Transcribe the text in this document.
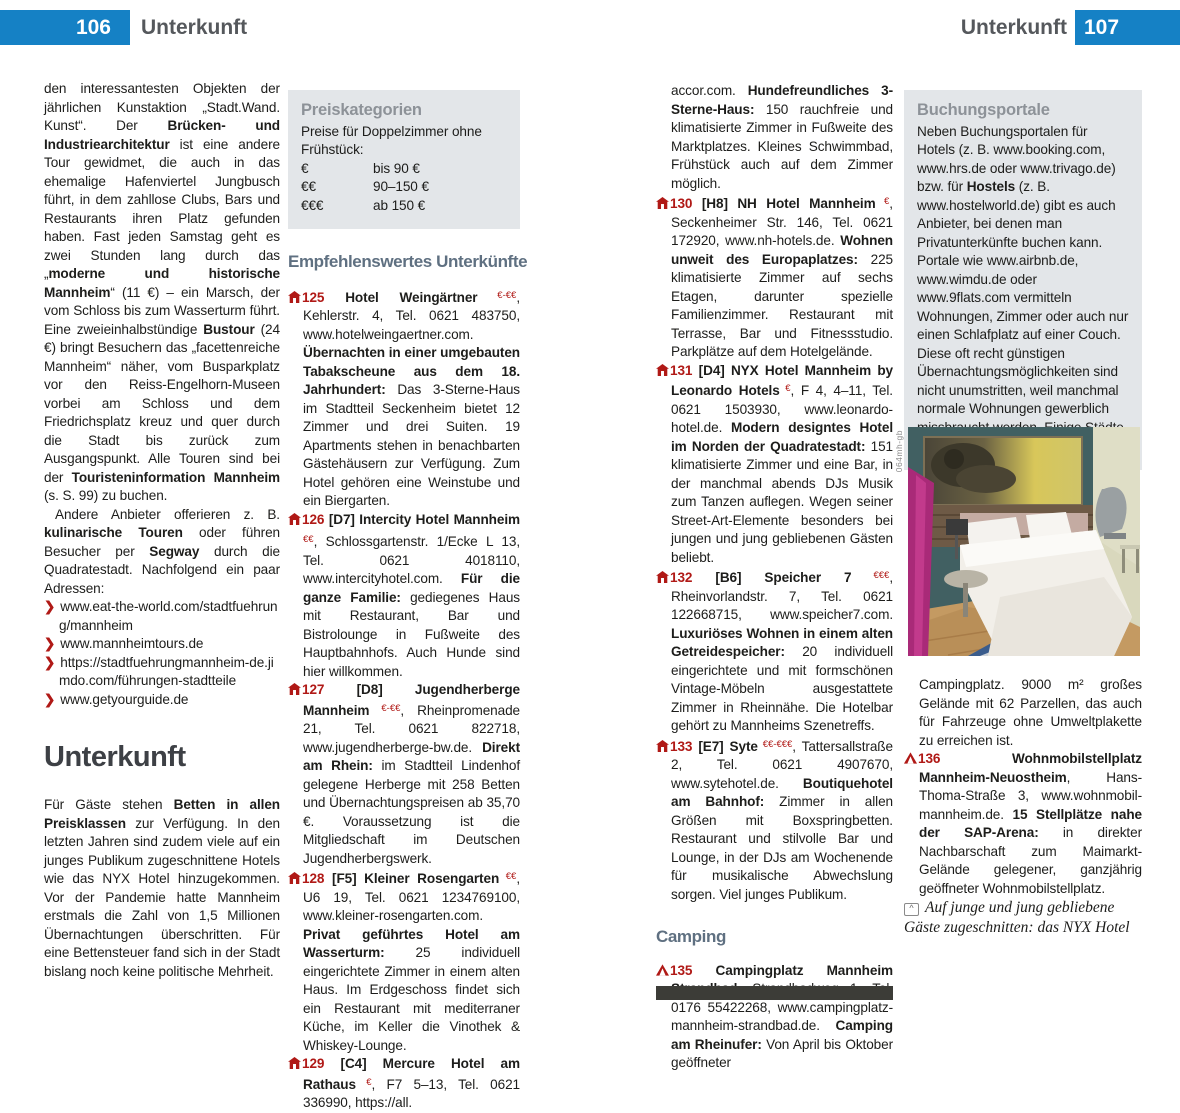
106 Unterkunft	Unterkunft 107

den interessantesten Objekten der jährlichen Kunstaktion „Stadt.Wand. Kunst“. Der Brücken- und Industriearchitektur ist eine andere Tour gewidmet, die auch in das ehemalige Hafenviertel Jungbusch führt, in dem zahllose Clubs, Bars und Restaurants ihren Platz gefunden haben. Fast jeden Samstag geht es zwei Stunden lang durch das „moderne und historische Mannheim“ (11 €) – ein Marsch, der vom Schloss bis zum Wasserturm führt. Eine zweieinhalbstündige Bustour (24 €) bringt Besuchern das „facettenreiche Mannheim“ näher, vom Busparkplatz vor den Reiss-Engelhorn-Museen vorbei am Schloss und dem Friedrichsplatz kreuz und quer durch die Stadt bis zurück zum Ausgangspunkt. Alle Touren sind bei der Touristeninformation Mannheim (s. S. 99) zu buchen.

Andere Anbieter offerieren z. B. kulinarische Touren oder führen Besucher per Segway durch die Quadratestadt. Nachfolgend ein paar Adressen:

❯ www.eat-the-world.com/stadtfuehrung/mannheim
❯ www.mannheimtours.de
❯ https://stadtfuehrungmannheim-de.jimdo.com/führungen-stadtteile
❯ www.getyourguide.de
Unterkunft

Für Gäste stehen Betten in allen Preisklassen zur Verfügung. In den letzten Jahren sind zudem viele auf ein junges Publikum zugeschnittene Hotels wie das NYX Hotel hinzugekommen. Vor der Pandemie hatte Mannheim erstmals die Zahl von 1,5 Millionen Übernachtungen überschritten. Für eine Bettensteuer fand sich in der Stadt bislang noch keine politische Mehrheit.

Preiskategorien
Preise für Doppelzimmer ohne Frühstück:
€	bis 90 €
€€	90–150 €
€€€	ab 150 €
Empfehlenswertes Unterkünfte
125 Hotel Weingärtner €-€€, Kehlerstr. 4, Tel. 0621 483750, www.hotelweingaertner.com. Übernachten in einer umgebauten Tabakscheune aus dem 18. Jahrhundert: Das 3-Sterne-Haus im Stadtteil Seckenheim bietet 12 Zimmer und drei Suiten. 19 Apartments stehen in benachbarten Gästehäusern zur Verfügung. Zum Hotel gehören eine Weinstube und ein Biergarten.
126 [D7] Intercity Hotel Mannheim €€, Schlossgartenstr. 1/Ecke L 13, Tel. 0621 4018110, www.intercityhotel.com. Für die ganze Familie: gediegenes Haus mit Restaurant, Bar und Bistrolounge in Fußweite des Hauptbahnhofs. Auch Hunde sind hier willkommen.
127 [D8] Jugendherberge Mannheim €-€€, Rheinpromenade 21, Tel. 0621 822718, www.jugendherberge-bw.de. Direkt am Rhein: im Stadtteil Lindenhof gelegene Herberge mit 258 Betten und Übernachtungspreisen ab 35,70 €. Voraussetzung ist die Mitgliedschaft im Deutschen Jugendherbergswerk.
128 [F5] Kleiner Rosengarten €€, U6 19, Tel. 0621 1234769100, www.kleiner-rosengarten.com. Privat geführtes Hotel am Wasserturm: 25 individuell eingerichtete Zimmer in einem alten Haus. Im Erdgeschoss findet sich ein Restaurant mit mediterraner Küche, im Keller die Vinothek & Whiskey-Lounge.
129 [C4] Mercure Hotel am Rathaus €, F7 5–13, Tel. 0621 336990, https://all.

accor.com. Hundefreundliches 3-Sterne-Haus: 150 rauchfreie und klimatisierte Zimmer in Fußweite des Marktplatzes. Kleines Schwimmbad, Frühstück auch auf dem Zimmer möglich.

130 [H8] NH Hotel Mannheim €, Seckenheimer Str. 146, Tel. 0621 172920, www.nh-hotels.de. Wohnen unweit des Europaplatzes: 225 klimatisierte Zimmer auf sechs Etagen, darunter spezielle Familienzimmer. Restaurant mit Terrasse, Bar und Fitnessstudio. Parkplätze auf dem Hotelgelände.
131 [D4] NYX Hotel Mannheim by Leonardo Hotels €, F 4, 4–11, Tel. 0621 1503930, www.leonardo-hotel.de. Modern designtes Hotel im Norden der Quadratestadt: 151 klimatisierte Zimmer und eine Bar, in der manchmal abends DJs Musik zum Tanzen auflegen. Wegen seiner Street-Art-Elemente besonders bei jungen und jung gebliebenen Gästen beliebt.
132 [B6] Speicher 7 €€€, Rheinvorlandstr. 7, Tel. 0621 122668715, www.speicher7.com. Luxuriöses Wohnen in einem alten Getreidespeicher: 20 individuell eingerichtete und mit formschönen Vintage-Möbeln ausgestattete Zimmer in Rheinnähe. Die Hotelbar gehört zu Mannheims Szenetreffs.
133 [E7] Syte €€-€€€, Tattersallstraße 2, Tel. 0621 4907670, www.sytehotel.de. Boutiquehotel am Bahnhof: Zimmer in allen Größen mit Boxspringbetten. Restaurant und stilvolle Bar und Lounge, in der DJs am Wochenende für musikalische Abwechslung sorgen. Viel junges Publikum.
Camping
135 Campingplatz Mannheim 0176 55422268, www.campingplatz-mannheim-strandbad.de. Camping am Rheinufer: Von April bis Oktober geöffneter
Buchungsportale
Neben Buchungsportalen für Hotels (z. B. www.booking.com, www.hrs.de oder www.trivago.de) bzw. für Hostels (z. B. www.hostelworld.de) gibt es auch Anbieter, bei denen man Privatunterkünfte buchen kann. Portale wie www.airbnb.de, www.wimdu.de oder www.9flats.com vermitteln Wohnungen, Zimmer oder auch nur einen Schlafplatz auf einer Couch. Diese oft recht günstigen Übernachtungsmöglichkeiten sind nicht unumstritten, weil manchmal normale Wohnungen gewerblich
064mh-gb

Campingplatz. 9000 m² großes Gelände mit 62 Parzellen, das auch für Fahrzeuge ohne Umweltplakette zu erreichen ist.

136	Wohnmobilstellplatz Mannheim-Neuostheim, Hans-Thoma-Straße 3, www.wohnmobil-mannheim.de. 15 Stellplätze nahe der SAP-Arena: in direkter Nachbarschaft zum Maimarkt-Gelände gelegener, ganzjährig geöffneter Wohnmobilstellplatz.
^ Auf junge und jung gebliebene Gäste zugeschnitten: das NYX Hotel
